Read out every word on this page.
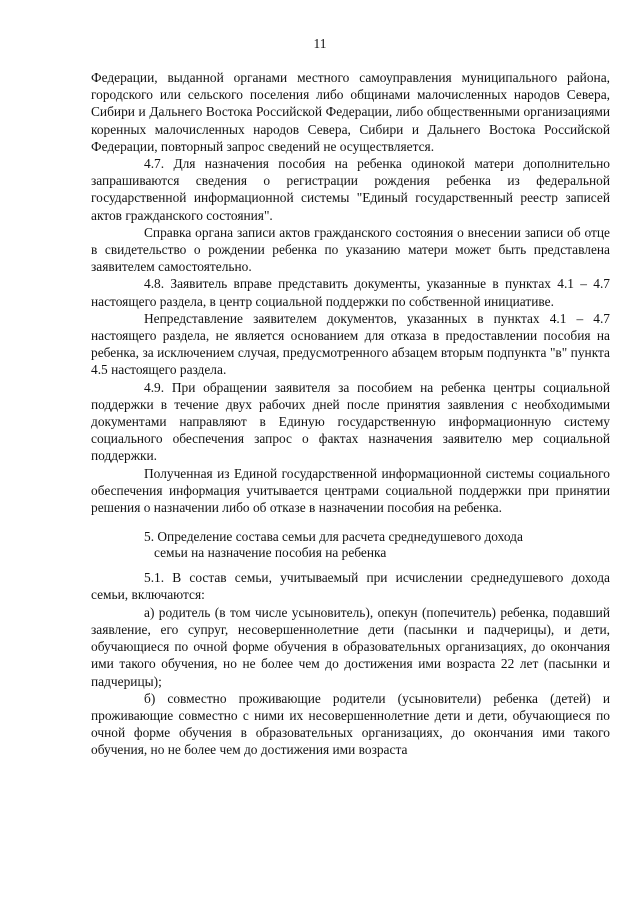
11

Федерации, выданной органами местного самоуправления муниципального района, городского или сельского поселения либо общинами малочисленных народов Севера, Сибири и Дальнего Востока Российской Федерации, либо общественными организациями коренных малочисленных народов Севера, Сибири и Дальнего Востока Российской Федерации, повторный запрос сведений не осуществляется.

4.7. Для назначения пособия на ребенка одинокой матери дополнительно запрашиваются сведения о регистрации рождения ребенка из федеральной государственной информационной системы "Единый государственный реестр записей актов гражданского состояния".

Справка органа записи актов гражданского состояния о внесении записи об отце в свидетельство о рождении ребенка по указанию матери может быть представлена заявителем самостоятельно.

4.8. Заявитель вправе представить документы, указанные в пунктах 4.1 – 4.7 настоящего раздела, в центр социальной поддержки по собственной инициативе.

Непредставление заявителем документов, указанных в пунктах 4.1 – 4.7 настоящего раздела, не является основанием для отказа в предоставлении пособия на ребенка, за исключением случая, предусмотренного абзацем вторым подпункта "в" пункта 4.5 настоящего раздела.

4.9. При обращении заявителя за пособием на ребенка центры социальной поддержки в течение двух рабочих дней после принятия заявления с необходимыми документами направляют в Единую государственную информационную систему социального обеспечения запрос о фактах назначения заявителю мер социальной поддержки.

Полученная из Единой государственной информационной системы социального обеспечения информация учитывается центрами социальной поддержки при принятии решения о назначении либо об отказе в назначении пособия на ребенка.

5. Определение состава семьи для расчета среднедушевого дохода
семьи на назначение пособия на ребенка

5.1. В состав семьи, учитываемый при исчислении среднедушевого дохода семьи, включаются:

а) родитель (в том числе усыновитель), опекун (попечитель) ребенка, подавший заявление, его супруг, несовершеннолетние дети (пасынки и падчерицы), и дети, обучающиеся по очной форме обучения в образовательных организациях, до окончания ими такого обучения, но не более чем до достижения ими возраста 22 лет (пасынки и падчерицы);

б) совместно проживающие родители (усыновители) ребенка (детей) и проживающие совместно с ними их несовершеннолетние дети и дети, обучающиеся по очной форме обучения в образовательных организациях, до окончания ими такого обучения, но не более чем до достижения ими возраста
